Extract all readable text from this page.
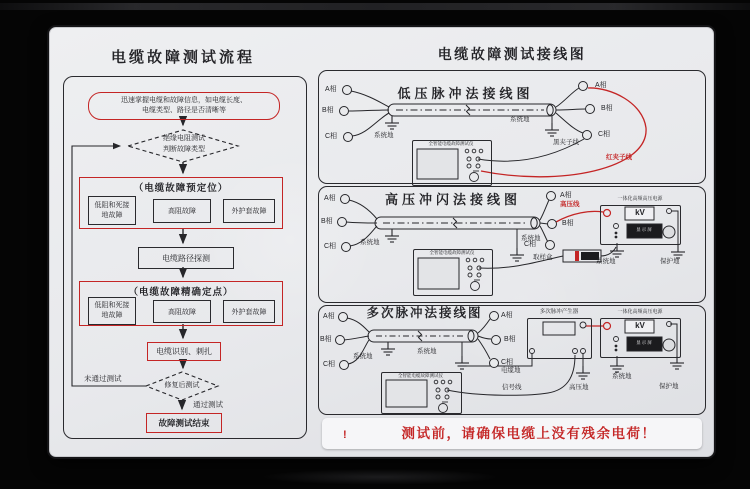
电缆故障测试流程
迅速掌握电缆和故障信息，如电缆长度、
电缆类型、路径是否清晰等
绝缘电阻测试
判断故障类型
（电缆故障预定位）
低阻和死接
地故障	高阻故障	外护套故障
电缆路径探测
（电缆故障精确定点）
低阻和死接
地故障	高阻故障	外护套故障
电缆识别、刺扎
修复后测试
未通过测试
通过测试
故障测试结束
电缆故障测试接线图
低压脉冲法接线图
A相
B相
C相
A相
B相
C相
系统地
系统地
黑夹子线
红夹子线
全智能电缆故障测试仪
高压冲闪法接线图
A相
B相
C相
A相
B相
C相
系统地
系统地
系统地	保护地
高压线
取样盒
全智能电缆故障测试仪
一体化高频高压电源
kV
显示屏
多次脉冲法接线图
A相
B相
C相
A相
B相
C相
系统地
系统地
电缆地
信号线	高压地
系统地
保护地
全智能电缆故障测试仪
多次脉冲产生器	一体化高频高压电源
kV
显示屏
!	测试前，请确保电缆上没有残余电荷！
